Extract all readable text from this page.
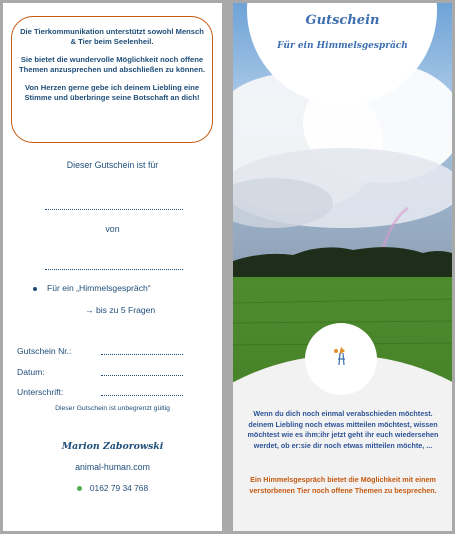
Die Tierkommunikation unterstützt sowohl Mensch & Tier beim Seelenheil.

Sie bietet die wundervolle Möglichkeit noch offene Themen anzusprechen und abschließen zu können.

Von Herzen gerne gebe ich deinem Liebling eine Stimme und überbringe seine Botschaft an dich!

Dieser Gutschein ist für
von
Für ein „Himmelsgespräch“
→ bis zu 5 Fragen
Gutschein Nr.:
Datum:
Unterschrift:
Dieser Gutschein ist unbegrenzt gültig
Marion Zaborowski
animal-human.com
0162 79 34 768
Gutschein
Für ein Himmelsgespräch
Wenn du dich noch einmal verabschieden möchtest. deinem Liebling noch etwas mitteilen möchtest, wissen möchtest wie es ihm:ihr jetzt geht ihr euch wiedersehen werdet, ob er:sie dir noch etwas mitteilen möchte, ...
Ein Himmelsgespräch bietet die Möglichkeit mit einem verstorbenen Tier noch offene Themen zu besprechen.
